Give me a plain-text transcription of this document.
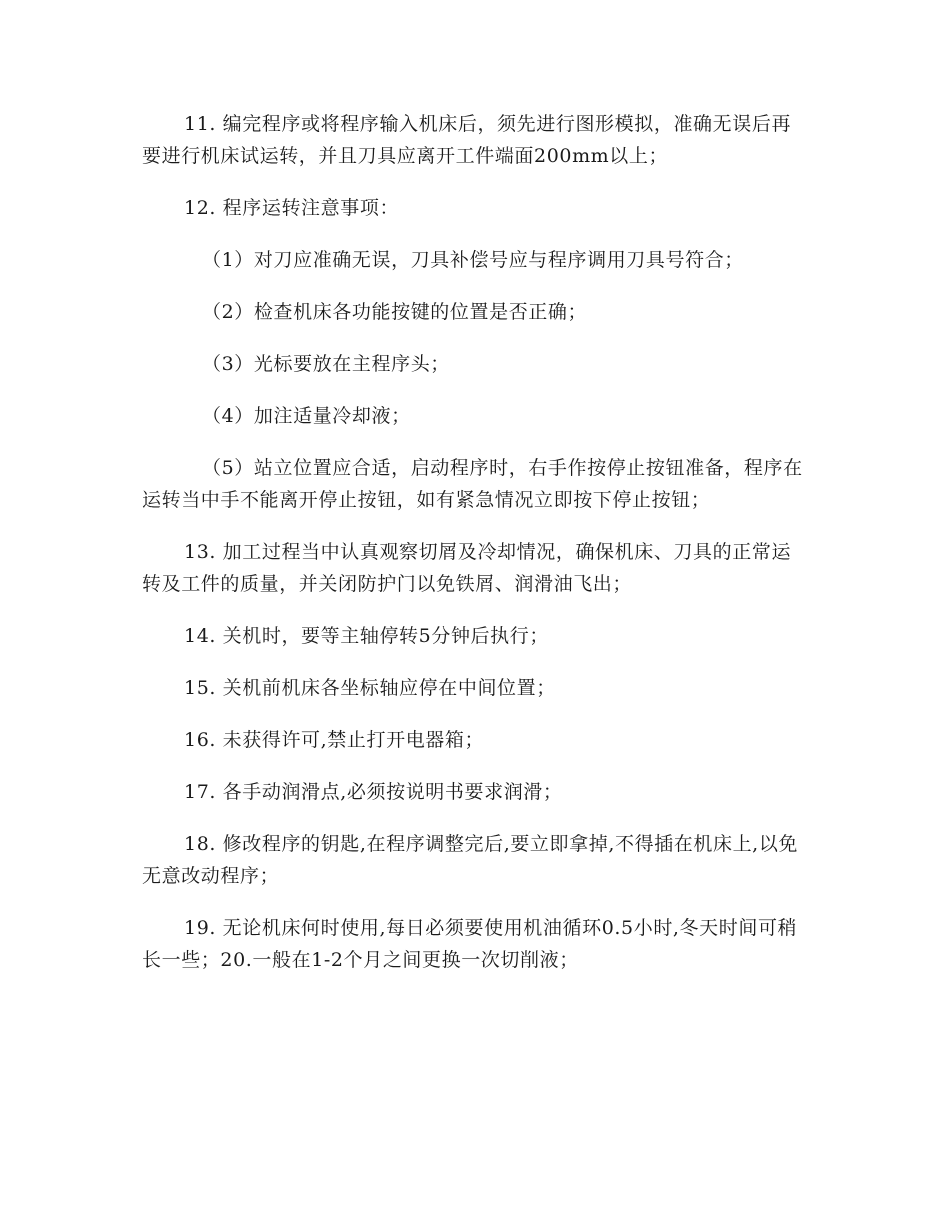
11. 编完程序或将程序输入机床后，须先进行图形模拟，准确无误后再要进行机床试运转，并且刀具应离开工件端面200mm以上；

12. 程序运转注意事项：

（1）对刀应准确无误，刀具补偿号应与程序调用刀具号符合；

（2）检查机床各功能按键的位置是否正确；

（3）光标要放在主程序头；

（4）加注适量冷却液；

（5）站立位置应合适，启动程序时，右手作按停止按钮准备，程序在运转当中手不能离开停止按钮，如有紧急情况立即按下停止按钮；

13. 加工过程当中认真观察切屑及冷却情况，确保机床、刀具的正常运转及工件的质量，并关闭防护门以免铁屑、润滑油飞出；

14. 关机时，要等主轴停转5分钟后执行；

15. 关机前机床各坐标轴应停在中间位置；

16. 未获得许可,禁止打开电器箱；

17. 各手动润滑点,必须按说明书要求润滑；

18. 修改程序的钥匙,在程序调整完后,要立即拿掉,不得插在机床上,以免无意改动程序；

19. 无论机床何时使用,每日必须要使用机油循环0.5小时,冬天时间可稍长一些；20.一般在1-2个月之间更换一次切削液；
